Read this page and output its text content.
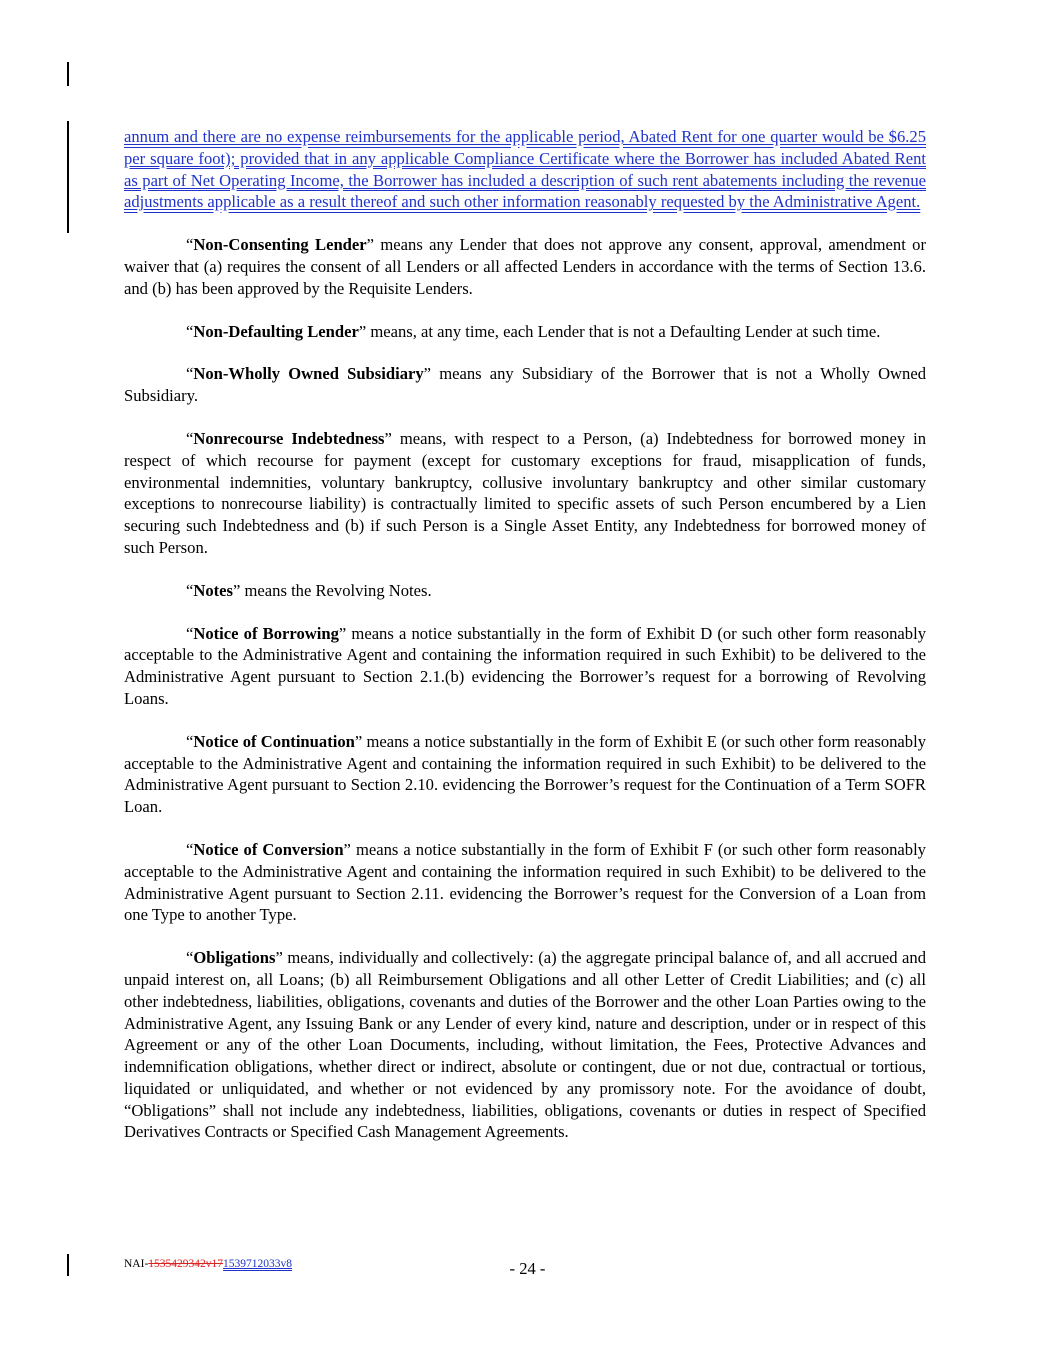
annum and there are no expense reimbursements for the applicable period, Abated Rent for one quarter would be $6.25 per square foot); provided that in any applicable Compliance Certificate where the Borrower has included Abated Rent as part of Net Operating Income, the Borrower has included a description of such rent abatements including the revenue adjustments applicable as a result thereof and such other information reasonably requested by the Administrative Agent.

“Non-Consenting Lender” means any Lender that does not approve any consent, approval, amendment or waiver that (a) requires the consent of all Lenders or all affected Lenders in accordance with the terms of Section 13.6. and (b) has been approved by the Requisite Lenders.

“Non-Defaulting Lender” means, at any time, each Lender that is not a Defaulting Lender at such time.

“Non-Wholly Owned Subsidiary” means any Subsidiary of the Borrower that is not a Wholly Owned Subsidiary.

“Nonrecourse Indebtedness” means, with respect to a Person, (a) Indebtedness for borrowed money in respect of which recourse for payment (except for customary exceptions for fraud, misapplication of funds, environmental indemnities, voluntary bankruptcy, collusive involuntary bankruptcy and other similar customary exceptions to nonrecourse liability) is contractually limited to specific assets of such Person encumbered by a Lien securing such Indebtedness and (b) if such Person is a Single Asset Entity, any Indebtedness for borrowed money of such Person.

“Notes” means the Revolving Notes.

“Notice of Borrowing” means a notice substantially in the form of Exhibit D (or such other form reasonably acceptable to the Administrative Agent and containing the information required in such Exhibit) to be delivered to the Administrative Agent pursuant to Section 2.1.(b) evidencing the Borrower’s request for a borrowing of Revolving Loans.

“Notice of Continuation” means a notice substantially in the form of Exhibit E (or such other form reasonably acceptable to the Administrative Agent and containing the information required in such Exhibit) to be delivered to the Administrative Agent pursuant to Section 2.10. evidencing the Borrower’s request for the Continuation of a Term SOFR Loan.

“Notice of Conversion” means a notice substantially in the form of Exhibit F (or such other form reasonably acceptable to the Administrative Agent and containing the information required in such Exhibit) to be delivered to the Administrative Agent pursuant to Section 2.11. evidencing the Borrower’s request for the Conversion of a Loan from one Type to another Type.

“Obligations” means, individually and collectively: (a) the aggregate principal balance of, and all accrued and unpaid interest on, all Loans; (b) all Reimbursement Obligations and all other Letter of Credit Liabilities; and (c) all other indebtedness, liabilities, obligations, covenants and duties of the Borrower and the other Loan Parties owing to the Administrative Agent, any Issuing Bank or any Lender of every kind, nature and description, under or in respect of this Agreement or any of the other Loan Documents, including, without limitation, the Fees, Protective Advances and indemnification obligations, whether direct or indirect, absolute or contingent, due or not due, contractual or tortious, liquidated or unliquidated, and whether or not evidenced by any promissory note. For the avoidance of doubt, “Obligations” shall not include any indebtedness, liabilities, obligations, covenants or duties in respect of Specified Derivatives Contracts or Specified Cash Management Agreements.

NAI-1535429342v171539712033v8	- 24 -
